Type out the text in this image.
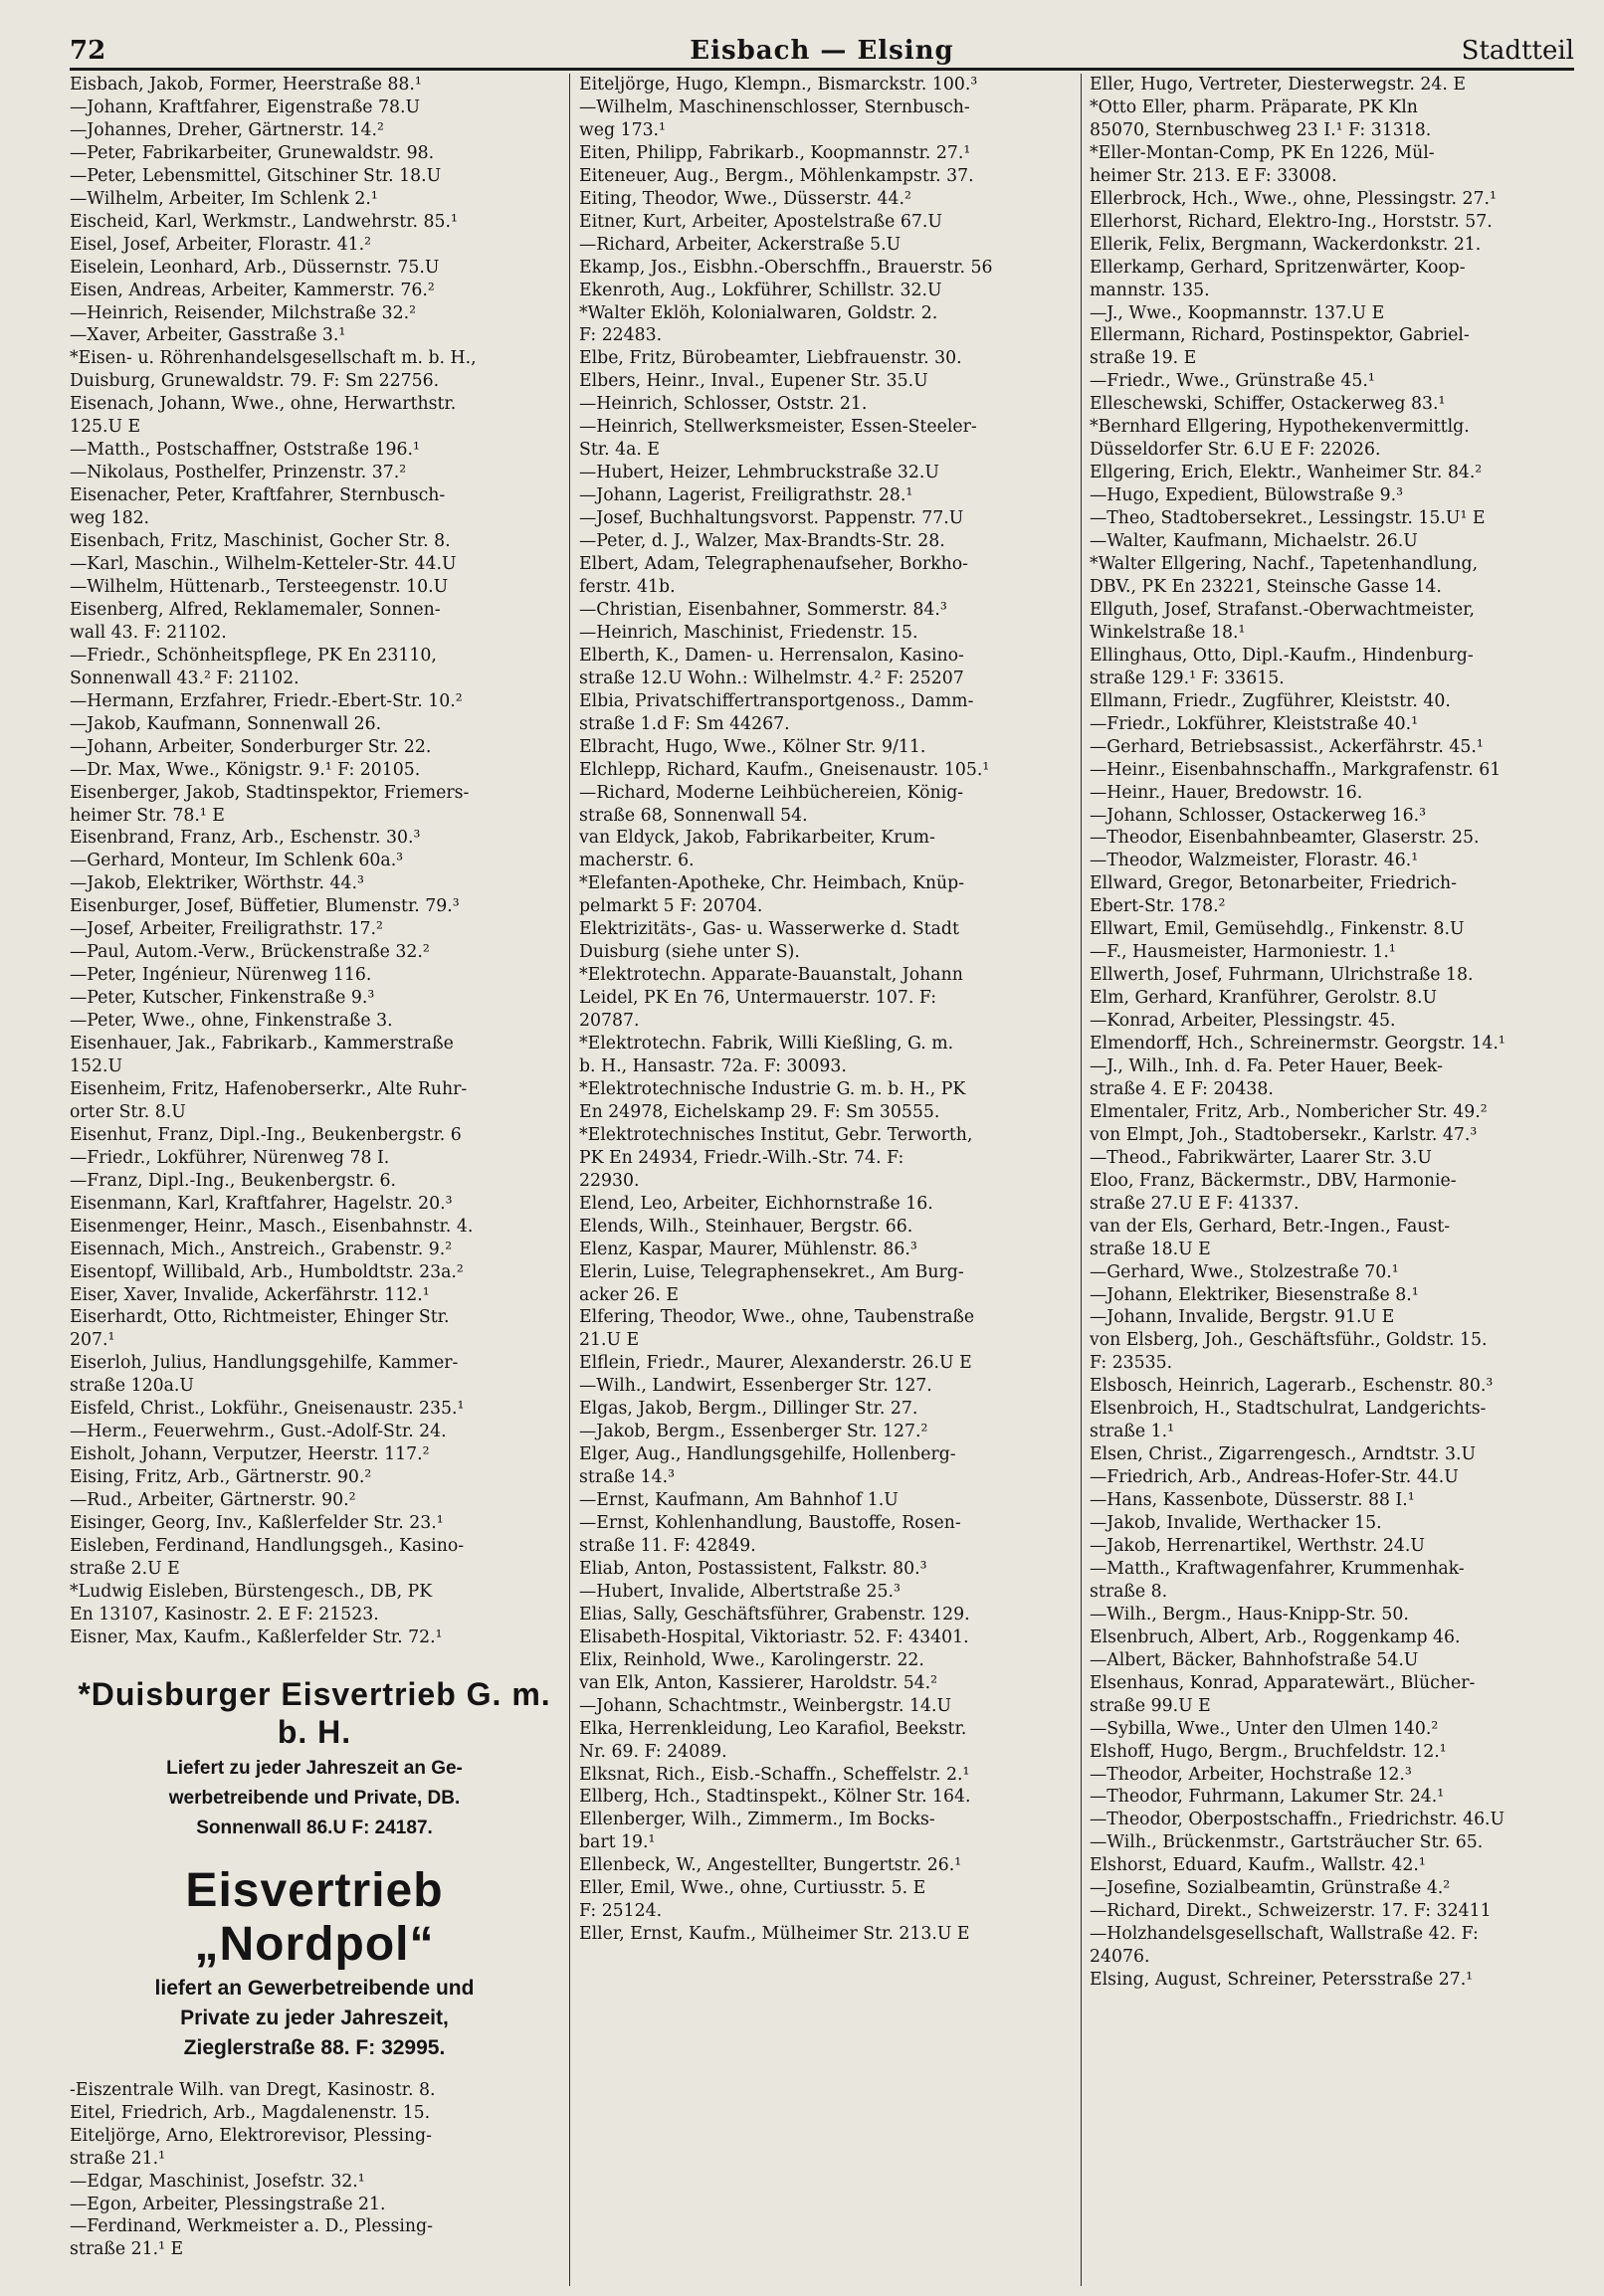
72	Eisbach — Elsing	Stadtteil

Eisbach, Jakob, Former, Heerstraße 88.¹

—Johann, Kraftfahrer, Eigenstraße 78.U

—Johannes, Dreher, Gärtnerstr. 14.²

—Peter, Fabrikarbeiter, Grunewaldstr. 98.

—Peter, Lebensmittel, Gitschiner Str. 18.U

—Wilhelm, Arbeiter, Im Schlenk 2.¹

Eischeid, Karl, Werkmstr., Landwehrstr. 85.¹

Eisel, Josef, Arbeiter, Florastr. 41.²

Eiselein, Leonhard, Arb., Düssernstr. 75.U

Eisen, Andreas, Arbeiter, Kammerstr. 76.²

—Heinrich, Reisender, Milchstraße 32.²

—Xaver, Arbeiter, Gasstraße 3.¹

*Eisen- u. Röhrenhandelsgesellschaft m. b. H.,

Duisburg, Grunewaldstr. 79. F: Sm 22756.

Eisenach, Johann, Wwe., ohne, Herwarthstr.

125.U E

—Matth., Postschaffner, Oststraße 196.¹

—Nikolaus, Posthelfer, Prinzenstr. 37.²

Eisenacher, Peter, Kraftfahrer, Sternbusch-

weg 182.

Eisenbach, Fritz, Maschinist, Gocher Str. 8.

—Karl, Maschin., Wilhelm-Ketteler-Str. 44.U

—Wilhelm, Hüttenarb., Tersteegenstr. 10.U

Eisenberg, Alfred, Reklamemaler, Sonnen-

wall 43. F: 21102.

—Friedr., Schönheitspflege, PK En 23110,

Sonnenwall 43.² F: 21102.

—Hermann, Erzfahrer, Friedr.-Ebert-Str. 10.²

—Jakob, Kaufmann, Sonnenwall 26.

—Johann, Arbeiter, Sonderburger Str. 22.

—Dr. Max, Wwe., Königstr. 9.¹ F: 20105.

Eisenberger, Jakob, Stadtinspektor, Friemers-

heimer Str. 78.¹ E

Eisenbrand, Franz, Arb., Eschenstr. 30.³

—Gerhard, Monteur, Im Schlenk 60a.³

—Jakob, Elektriker, Wörthstr. 44.³

Eisenburger, Josef, Büffetier, Blumenstr. 79.³

—Josef, Arbeiter, Freiligrathstr. 17.²

—Paul, Autom.-Verw., Brückenstraße 32.²

—Peter, Ingénieur, Nürenweg 116.

—Peter, Kutscher, Finkenstraße 9.³

—Peter, Wwe., ohne, Finkenstraße 3.

Eisenhauer, Jak., Fabrikarb., Kammerstraße

152.U

Eisenheim, Fritz, Hafenoberserkr., Alte Ruhr-

orter Str. 8.U

Eisenhut, Franz, Dipl.-Ing., Beukenbergstr. 6

—Friedr., Lokführer, Nürenweg 78 I.

—Franz, Dipl.-Ing., Beukenbergstr. 6.

Eisenmann, Karl, Kraftfahrer, Hagelstr. 20.³

Eisenmenger, Heinr., Masch., Eisenbahnstr. 4.

Eisennach, Mich., Anstreich., Grabenstr. 9.²

Eisentopf, Willibald, Arb., Humboldtstr. 23a.²

Eiser, Xaver, Invalide, Ackerfährstr. 112.¹

Eiserhardt, Otto, Richtmeister, Ehinger Str.

207.¹

Eiserloh, Julius, Handlungsgehilfe, Kammer-

straße 120a.U

Eisfeld, Christ., Lokführ., Gneisenaustr. 235.¹

—Herm., Feuerwehrm., Gust.-Adolf-Str. 24.

Eisholt, Johann, Verputzer, Heerstr. 117.²

Eising, Fritz, Arb., Gärtnerstr. 90.²

—Rud., Arbeiter, Gärtnerstr. 90.²

Eisinger, Georg, Inv., Kaßlerfelder Str. 23.¹

Eisleben, Ferdinand, Handlungsgeh., Kasino-

straße 2.U E

*Ludwig Eisleben, Bürstengesch., DB, PK

En 13107, Kasinostr. 2. E F: 21523.

Eisner, Max, Kaufm., Kaßlerfelder Str. 72.¹

*Duisburger Eisvertrieb G. m. b. H.
Liefert zu jeder Jahreszeit an Ge-
werbetreibende und Private, DB.
Sonnenwall 86.U F: 24187.
Eisvertrieb „Nordpol“
liefert an Gewerbetreibende und
Private zu jeder Jahreszeit,
Zieglerstraße 88. F: 32995.

-Eiszentrale Wilh. van Dregt, Kasinostr. 8.

Eitel, Friedrich, Arb., Magdalenenstr. 15.

Eiteljörge, Arno, Elektrorevisor, Plessing-

straße 21.¹

—Edgar, Maschinist, Josefstr. 32.¹

—Egon, Arbeiter, Plessingstraße 21.

—Ferdinand, Werkmeister a. D., Plessing-

straße 21.¹ E

Eiteljörge, Hugo, Klempn., Bismarckstr. 100.³

—Wilhelm, Maschinenschlosser, Sternbusch-

weg 173.¹

Eiten, Philipp, Fabrikarb., Koopmannstr. 27.¹

Eiteneuer, Aug., Bergm., Möhlenkampstr. 37.

Eiting, Theodor, Wwe., Düsserstr. 44.²

Eitner, Kurt, Arbeiter, Apostelstraße 67.U

—Richard, Arbeiter, Ackerstraße 5.U

Ekamp, Jos., Eisbhn.-Oberschffn., Brauerstr. 56

Ekenroth, Aug., Lokführer, Schillstr. 32.U

*Walter Eklöh, Kolonialwaren, Goldstr. 2.

F: 22483.

Elbe, Fritz, Bürobeamter, Liebfrauenstr. 30.

Elbers, Heinr., Inval., Eupener Str. 35.U

—Heinrich, Schlosser, Oststr. 21.

—Heinrich, Stellwerksmeister, Essen-Steeler-

Str. 4a. E

—Hubert, Heizer, Lehmbruckstraße 32.U

—Johann, Lagerist, Freiligrathstr. 28.¹

—Josef, Buchhaltungsvorst. Pappenstr. 77.U

—Peter, d. J., Walzer, Max-Brandts-Str. 28.

Elbert, Adam, Telegraphenaufseher, Borkho-

ferstr. 41b.

—Christian, Eisenbahner, Sommerstr. 84.³

—Heinrich, Maschinist, Friedenstr. 15.

Elberth, K., Damen- u. Herrensalon, Kasino-

straße 12.U Wohn.: Wilhelmstr. 4.² F: 25207

Elbia, Privatschiffertransportgenoss., Damm-

straße 1.d F: Sm 44267.

Elbracht, Hugo, Wwe., Kölner Str. 9/11.

Elchlepp, Richard, Kaufm., Gneisenaustr. 105.¹

—Richard, Moderne Leihbüchereien, König-

straße 68, Sonnenwall 54.

van Eldyck, Jakob, Fabrikarbeiter, Krum-

macherstr. 6.

*Elefanten-Apotheke, Chr. Heimbach, Knüp-

pelmarkt 5 F: 20704.

Elektrizitäts-, Gas- u. Wasserwerke d. Stadt

Duisburg (siehe unter S).

*Elektrotechn. Apparate-Bauanstalt, Johann

Leidel, PK En 76, Untermauerstr. 107. F:

20787.

*Elektrotechn. Fabrik, Willi Kießling, G. m.

b. H., Hansastr. 72a. F: 30093.

*Elektrotechnische Industrie G. m. b. H., PK

En 24978, Eichelskamp 29. F: Sm 30555.

*Elektrotechnisches Institut, Gebr. Terworth,

PK En 24934, Friedr.-Wilh.-Str. 74. F:

22930.

Elend, Leo, Arbeiter, Eichhornstraße 16.

Elends, Wilh., Steinhauer, Bergstr. 66.

Elenz, Kaspar, Maurer, Mühlenstr. 86.³

Elerin, Luise, Telegraphensekret., Am Burg-

acker 26. E

Elfering, Theodor, Wwe., ohne, Taubenstraße

21.U E

Elflein, Friedr., Maurer, Alexanderstr. 26.U E

—Wilh., Landwirt, Essenberger Str. 127.

Elgas, Jakob, Bergm., Dillinger Str. 27.

—Jakob, Bergm., Essenberger Str. 127.²

Elger, Aug., Handlungsgehilfe, Hollenberg-

straße 14.³

—Ernst, Kaufmann, Am Bahnhof 1.U

—Ernst, Kohlenhandlung, Baustoffe, Rosen-

straße 11. F: 42849.

Eliab, Anton, Postassistent, Falkstr. 80.³

—Hubert, Invalide, Albertstraße 25.³

Elias, Sally, Geschäftsführer, Grabenstr. 129.

Elisabeth-Hospital, Viktoriastr. 52. F: 43401.

Elix, Reinhold, Wwe., Karolingerstr. 22.

van Elk, Anton, Kassierer, Haroldstr. 54.²

—Johann, Schachtmstr., Weinbergstr. 14.U

Elka, Herrenkleidung, Leo Karafiol, Beekstr.

Nr. 69. F: 24089.

Elksnat, Rich., Eisb.-Schaffn., Scheffelstr. 2.¹

Ellberg, Hch., Stadtinspekt., Kölner Str. 164.

Ellenberger, Wilh., Zimmerm., Im Bocks-

bart 19.¹

Ellenbeck, W., Angestellter, Bungertstr. 26.¹

Eller, Emil, Wwe., ohne, Curtiusstr. 5. E

F: 25124.

Eller, Ernst, Kaufm., Mülheimer Str. 213.U E

Eller, Hugo, Vertreter, Diesterwegstr. 24. E

*Otto Eller, pharm. Präparate, PK Kln

85070, Sternbuschweg 23 I.¹ F: 31318.

*Eller-Montan-Comp, PK En 1226, Mül-

heimer Str. 213. E F: 33008.

Ellerbrock, Hch., Wwe., ohne, Plessingstr. 27.¹

Ellerhorst, Richard, Elektro-Ing., Horststr. 57.

Ellerik, Felix, Bergmann, Wackerdonkstr. 21.

Ellerkamp, Gerhard, Spritzenwärter, Koop-

mannstr. 135.

—J., Wwe., Koopmannstr. 137.U E

Ellermann, Richard, Postinspektor, Gabriel-

straße 19. E

—Friedr., Wwe., Grünstraße 45.¹

Elleschewski, Schiffer, Ostackerweg 83.¹

*Bernhard Ellgering, Hypothekenvermittlg.

Düsseldorfer Str. 6.U E F: 22026.

Ellgering, Erich, Elektr., Wanheimer Str. 84.²

—Hugo, Expedient, Bülowstraße 9.³

—Theo, Stadtobersekret., Lessingstr. 15.U¹ E

—Walter, Kaufmann, Michaelstr. 26.U

*Walter Ellgering, Nachf., Tapetenhandlung,

DBV., PK En 23221, Steinsche Gasse 14.

Ellguth, Josef, Strafanst.-Oberwachtmeister,

Winkelstraße 18.¹

Ellinghaus, Otto, Dipl.-Kaufm., Hindenburg-

straße 129.¹ F: 33615.

Ellmann, Friedr., Zugführer, Kleiststr. 40.

—Friedr., Lokführer, Kleiststraße 40.¹

—Gerhard, Betriebsassist., Ackerfährstr. 45.¹

—Heinr., Eisenbahnschaffn., Markgrafenstr. 61

—Heinr., Hauer, Bredowstr. 16.

—Johann, Schlosser, Ostackerweg 16.³

—Theodor, Eisenbahnbeamter, Glaserstr. 25.

—Theodor, Walzmeister, Florastr. 46.¹

Ellward, Gregor, Betonarbeiter, Friedrich-

Ebert-Str. 178.²

Ellwart, Emil, Gemüsehdlg., Finkenstr. 8.U

—F., Hausmeister, Harmoniestr. 1.¹

Ellwerth, Josef, Fuhrmann, Ulrichstraße 18.

Elm, Gerhard, Kranführer, Gerolstr. 8.U

—Konrad, Arbeiter, Plessingstr. 45.

Elmendorff, Hch., Schreinermstr. Georgstr. 14.¹

—J., Wilh., Inh. d. Fa. Peter Hauer, Beek-

straße 4. E F: 20438.

Elmentaler, Fritz, Arb., Nombericher Str. 49.²

von Elmpt, Joh., Stadtobersekr., Karlstr. 47.³

—Theod., Fabrikwärter, Laarer Str. 3.U

Eloo, Franz, Bäckermstr., DBV, Harmonie-

straße 27.U E F: 41337.

van der Els, Gerhard, Betr.-Ingen., Faust-

straße 18.U E

—Gerhard, Wwe., Stolzestraße 70.¹

—Johann, Elektriker, Biesenstraße 8.¹

—Johann, Invalide, Bergstr. 91.U E

von Elsberg, Joh., Geschäftsführ., Goldstr. 15.

F: 23535.

Elsbosch, Heinrich, Lagerarb., Eschenstr. 80.³

Elsenbroich, H., Stadtschulrat, Landgerichts-

straße 1.¹

Elsen, Christ., Zigarrengesch., Arndtstr. 3.U

—Friedrich, Arb., Andreas-Hofer-Str. 44.U

—Hans, Kassenbote, Düsserstr. 88 I.¹

—Jakob, Invalide, Werthacker 15.

—Jakob, Herrenartikel, Werthstr. 24.U

—Matth., Kraftwagenfahrer, Krummenhak-

straße 8.

—Wilh., Bergm., Haus-Knipp-Str. 50.

Elsenbruch, Albert, Arb., Roggenkamp 46.

—Albert, Bäcker, Bahnhofstraße 54.U

Elsenhaus, Konrad, Apparatewärt., Blücher-

straße 99.U E

—Sybilla, Wwe., Unter den Ulmen 140.²

Elshoff, Hugo, Bergm., Bruchfeldstr. 12.¹

—Theodor, Arbeiter, Hochstraße 12.³

—Theodor, Fuhrmann, Lakumer Str. 24.¹

—Theodor, Oberpostschaffn., Friedrichstr. 46.U

—Wilh., Brückenmstr., Gartsträucher Str. 65.

Elshorst, Eduard, Kaufm., Wallstr. 42.¹

—Josefine, Sozialbeamtin, Grünstraße 4.²

—Richard, Direkt., Schweizerstr. 17. F: 32411

—Holzhandelsgesellschaft, Wallstraße 42. F:

24076.

Elsing, August, Schreiner, Petersstraße 27.¹
